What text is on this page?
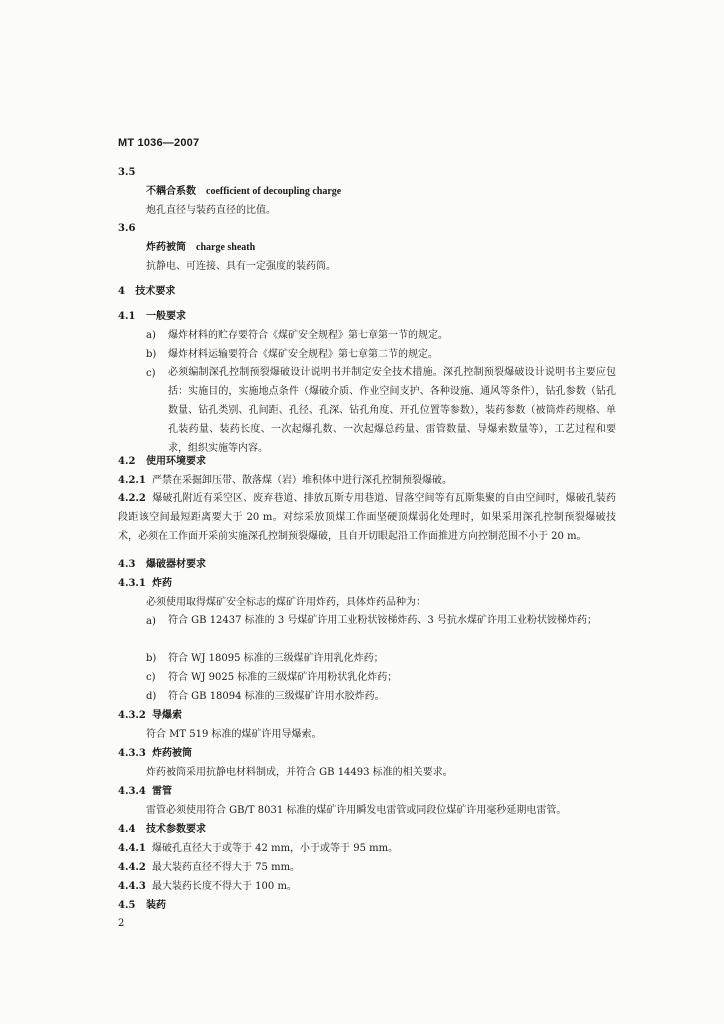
MT 1036—2007
3.5
不耦合系数 coefficient of decoupling charge
炮孔直径与装药直径的比值。
3.6
炸药被筒 charge sheath
抗静电、可连接、具有一定强度的装药筒。
4 技术要求
4.1 一般要求
a) 爆炸材料的贮存要符合《煤矿安全规程》第七章第一节的规定。
b) 爆炸材料运输要符合《煤矿安全规程》第七章第二节的规定。
c) 必须编制深孔控制预裂爆破设计说明书并制定安全技术措施。深孔控制预裂爆破设计说明书主要应包括：实施目的，实施地点条件（爆破介质、作业空间支护、各种设施、通风等条件），钻孔参数（钻孔数量、钻孔类别、孔间距、孔径、孔深、钻孔角度、开孔位置等参数），装药参数（被筒炸药规格、单孔装药量、装药长度、一次起爆孔数、一次起爆总药量、雷管数量、导爆索数量等），工艺过程和要求，组织实施等内容。
4.2 使用环境要求
4.2.1 严禁在采掘卸压带、散落煤（岩）堆积体中进行深孔控制预裂爆破。
4.2.2 爆破孔附近有采空区、废弃巷道、排放瓦斯专用巷道、冒落空间等有瓦斯集聚的自由空间时，爆破孔装药段距该空间最短距离要大于 20 m。对综采放顶煤工作面坚硬顶煤弱化处理时，如果采用深孔控制预裂爆破技术，必须在工作面开采前实施深孔控制预裂爆破，且自开切眼起沿工作面推进方向控制范围不小于 20 m。
4.3 爆破器材要求
4.3.1 炸药
必须使用取得煤矿安全标志的煤矿许用炸药，具体炸药品种为：
a)	符合 GB 12437 标准的 3 号煤矿许用工业粉状铵梯炸药、3 号抗水煤矿许用工业粉状铵梯炸药；
b) 符合 WJ 18095 标准的三级煤矿许用乳化炸药；
c) 符合 WJ 9025 标准的三级煤矿许用粉状乳化炸药；
d) 符合 GB 18094 标准的三级煤矿许用水胶炸药。
4.3.2 导爆索
符合 MT 519 标准的煤矿许用导爆索。
4.3.3 炸药被筒
炸药被筒采用抗静电材料制成，并符合 GB 14493 标准的相关要求。
4.3.4 雷管
雷管必须使用符合 GB/T 8031 标准的煤矿许用瞬发电雷管或同段位煤矿许用毫秒延期电雷管。
4.4 技术参数要求
4.4.1 爆破孔直径大于或等于 42 mm，小于或等于 95 mm。
4.4.2 最大装药直径不得大于 75 mm。
4.4.3 最大装药长度不得大于 100 m。
4.5 装药
2
